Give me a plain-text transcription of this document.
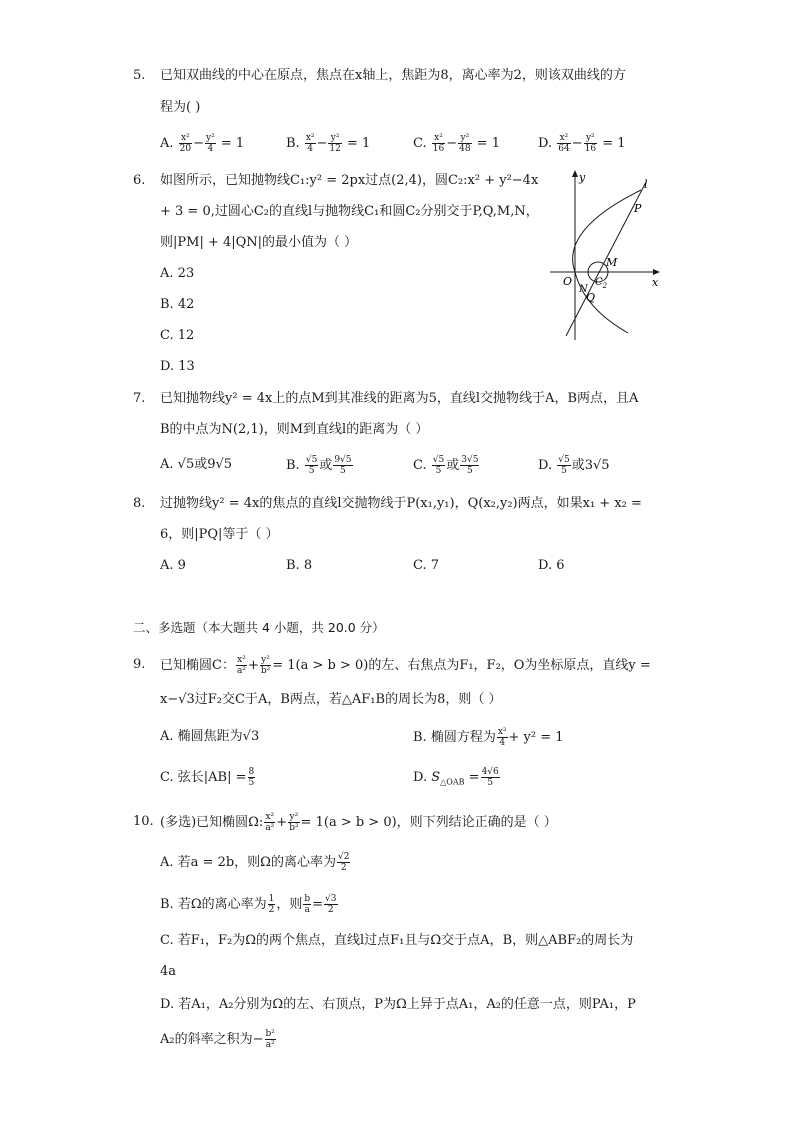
5. 已知双曲线的中心在原点，焦点在x轴上，焦距为8，离心率为2，则该双曲线的方
程为( )
A. $\frac{\text{x²}}{20} - \frac{\text{y²}}{4} = 1$	B. $\frac{\text{x²}}{4} - \frac{\text{y²}}{12} = 1$	C. $\frac{\text{x²}}{16} - \frac{\text{y²}}{48} = 1$	D. $\frac{\text{x²}}{64} - \frac{\text{y²}}{16} = 1$
6. 如图所示，已知抛物线C₁:y² = 2px过点(2,4)，圆C₂:x² + y²−4x
+ 3 = 0,过圆心C₂的直线l与抛物线C₁和圆C₂分别交于P,Q,M,N，
则|PM| + 4|QN|的最小值为（ ）
A. 23
B. 42
C. 12
D. 13
y
x
O
l
P
M
$C_2$
N
Q
7. 已知抛物线y² = 4x上的点M到其准线的距离为5，直线l交抛物线于A，B两点，且A
B的中点为N(2,1)，则M到直线l的距离为（ ）
A. √5或9√5	B. $\frac{√5}{5}$ 或 $\frac{9√5}{5}$	C. $\frac{√5}{5}$ 或 $\frac{3√5}{5}$	D. $\frac{√5}{5}$ 或3√5
8. 过抛物线y² = 4x的焦点的直线l交抛物线于P(x₁,y₁)，Q(x₂,y₂)两点，如果x₁ + x₂ =
6，则|PQ|等于（ ）
A. 9	B. 8	C. 7	D. 6
二、多选题（本大题共 4 小题，共 20.0 分）
9. 已知椭圆C： $\frac{\text{x²}}{\text{a²}} + \frac{\text{y²}}{\text{b²}} = 1(a > b > 0)$的左、右焦点为F₁，F₂，O为坐标原点，直线y =
x−√3过F₂交C于A，B两点，若△AF₁B的周长为8，则（ ）
A. 椭圆焦距为√3	B. 椭圆方程为 $\frac{\text{x²}}{4} + y^2 = 1$
C. 弦长$|AB| = \frac{8}{5}$	D. $S_{\triangle OAB} = \frac{4√6}{5}$
10. (多选)已知椭圆Ω: $\frac{\text{x²}}{\text{a²}} + \frac{\text{y²}}{\text{b²}} = 1(a > b > 0)$，则下列结论正确的是（ ）
A. 若a = 2b，则Ω的离心率为 $\frac{√2}{2}$
B. 若Ω的离心率为 $\frac{1}{2}$ ，则 $\frac{b}{a} = \frac{√3}{2}$
C. 若F₁，F₂为Ω的两个焦点，直线l过点F₁且与Ω交于点A，B，则△ABF₂的周长为
4a
D. 若A₁，A₂分别为Ω的左、右顶点，P为Ω上异于点A₁，A₂的任意一点，则PA₁，P
A₂的斜率之积为− $\frac{\text{b²}}{\text{a²}}$
